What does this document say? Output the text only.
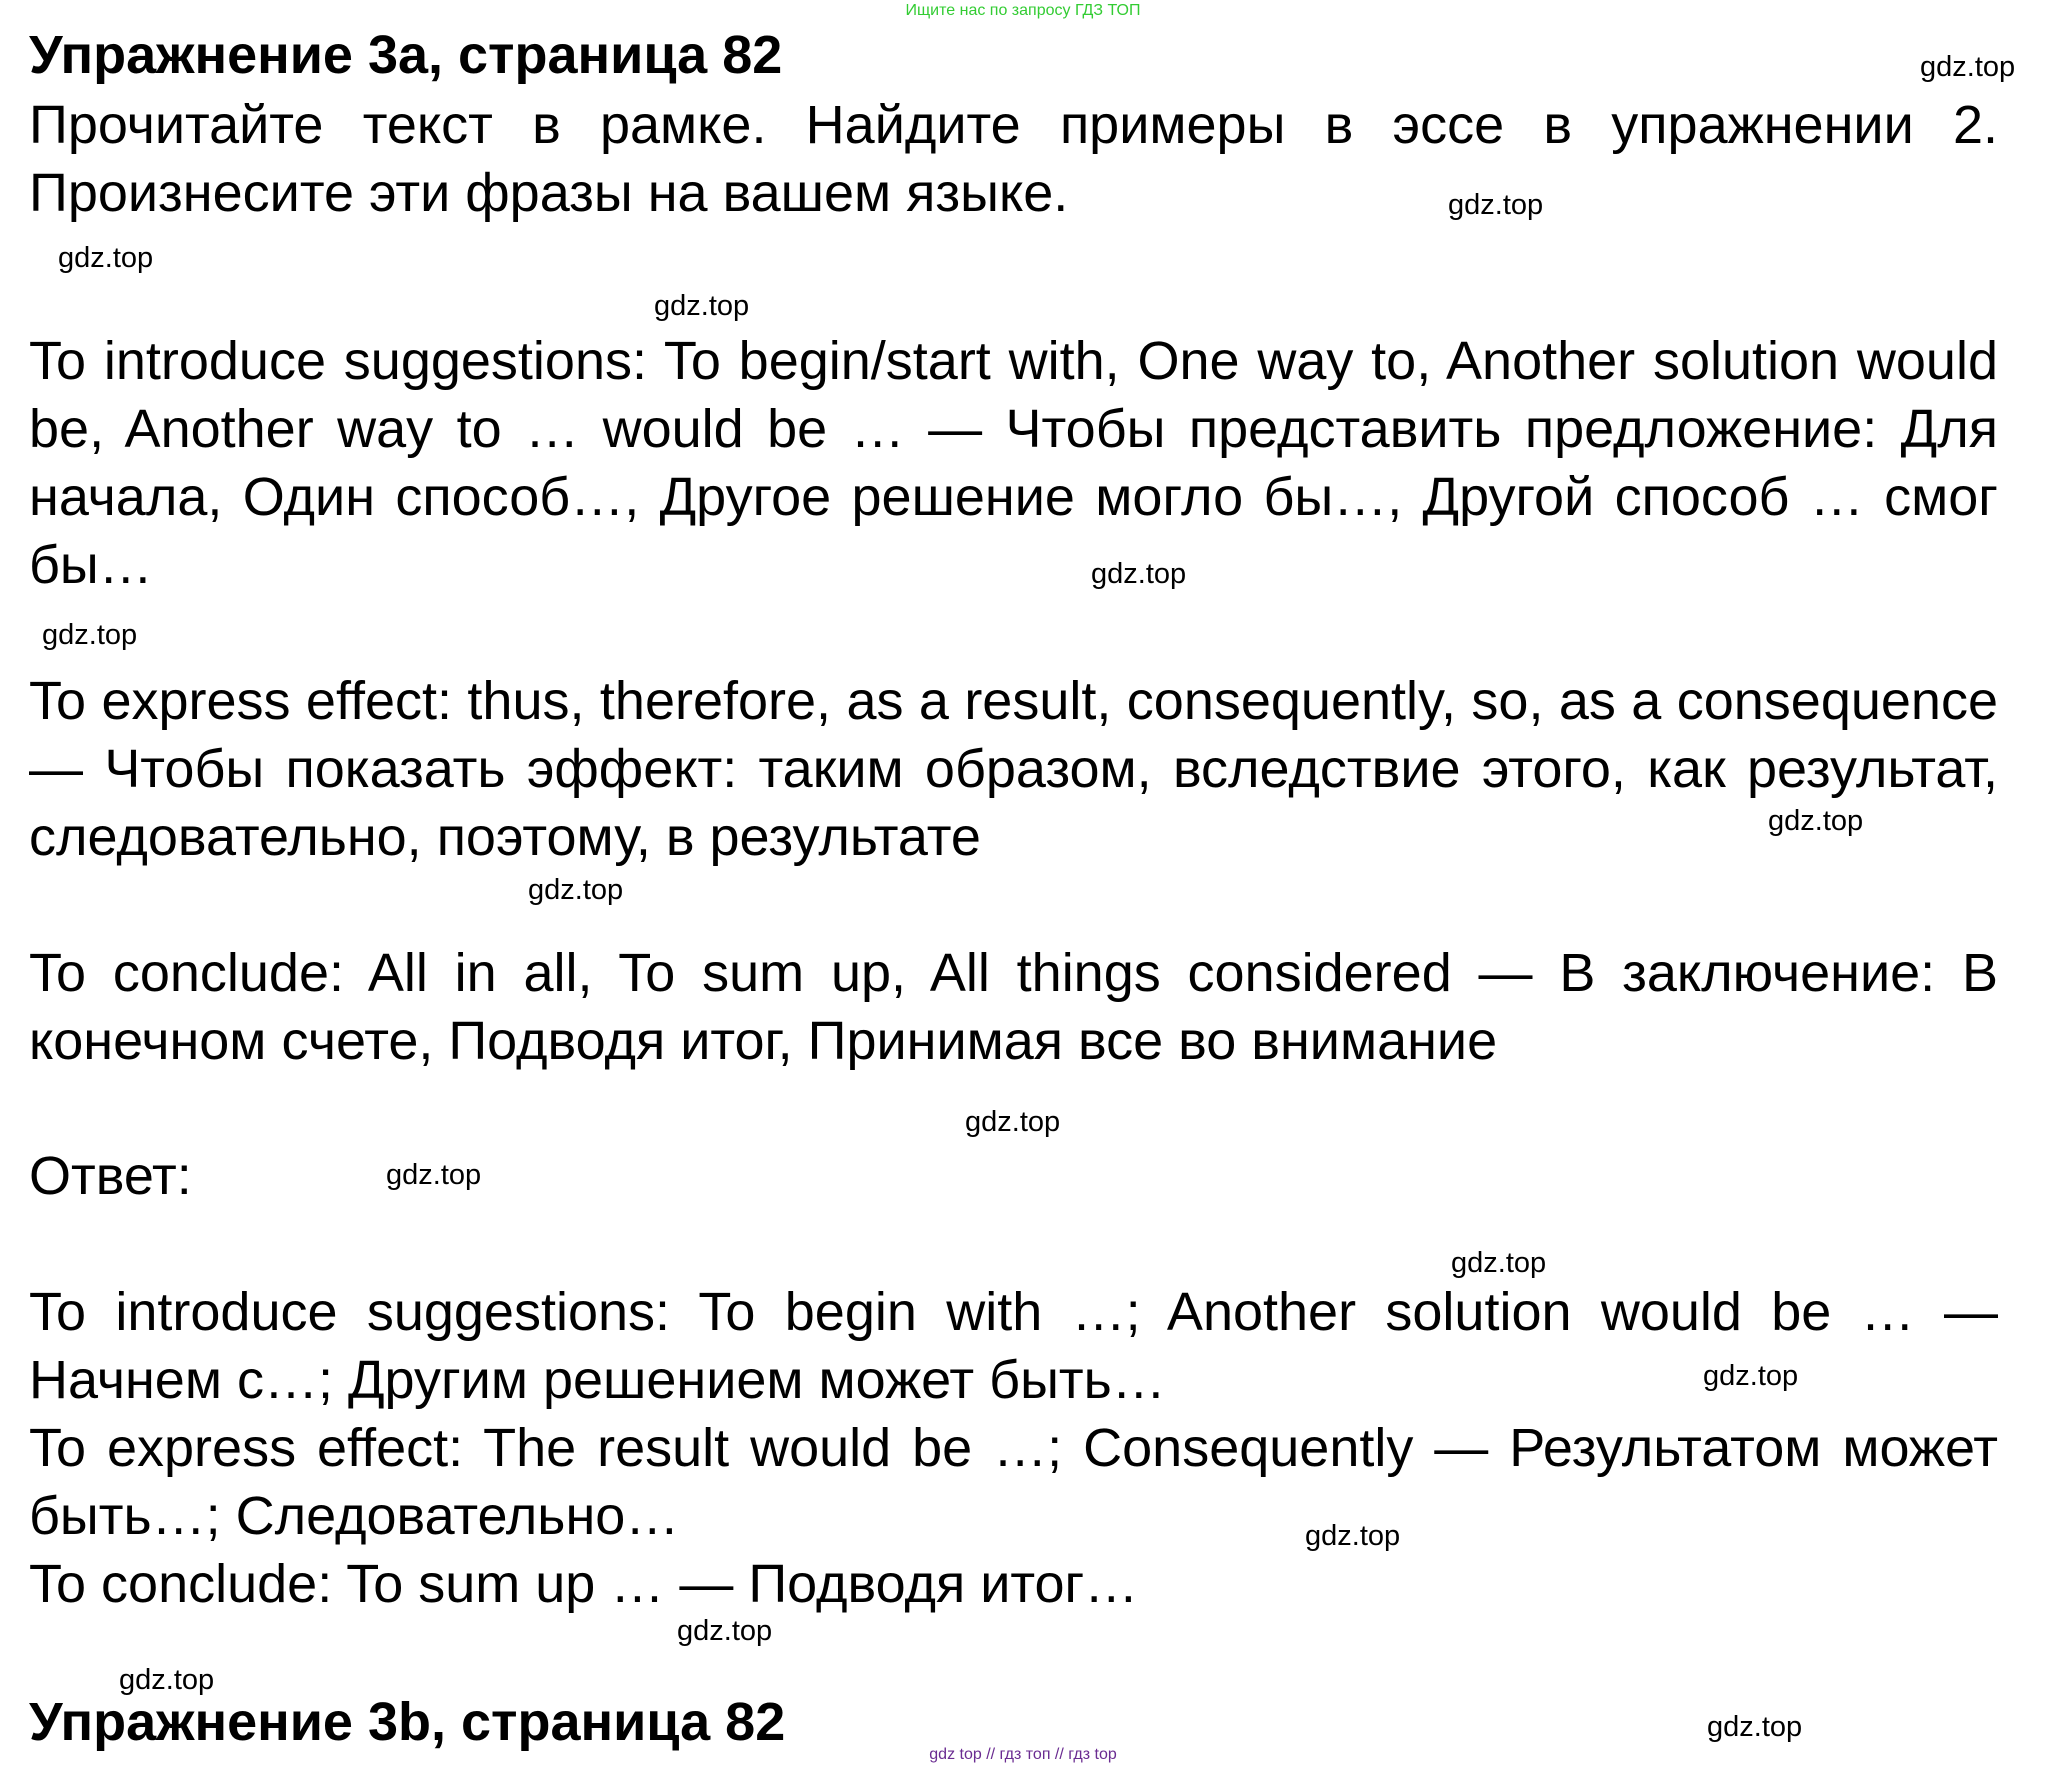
Ищите нас по запросу ГДЗ ТОП
Упражнение 3a, страница 82
Прочитайте текст в рамке. Найдите примеры в эссе в упражнении 2. Произнесите эти фразы на вашем языке.
To introduce suggestions: To begin/start with, One way to, Another solution would be, Another way to … would be … — Чтобы представить предложение: Для начала, Один способ…, Другое решение могло бы…, Другой способ … смог бы…
To express effect: thus, therefore, as a result, consequently, so, as a consequence — Чтобы показать эффект: таким образом, вследствие этого, как результат, следовательно, поэтому, в результате
To conclude: All in all, To sum up, All things considered — В заключение: В конечном счете, Подводя итог, Принимая все во внимание
Ответ:
To introduce suggestions: To begin with …; Another solution would be … — Начнем с…; Другим решением может быть…
To express effect: The result would be …; Consequently — Результатом может быть…; Следовательно…
To conclude: To sum up … — Подводя итог…
Упражнение 3b, страница 82
gdz.top
gdz.top
gdz.top
gdz.top
gdz.top
gdz.top
gdz.top
gdz.top
gdz.top
gdz.top
gdz.top
gdz.top
gdz.top
gdz.top
gdz.top
gdz.top
gdz top // гдз топ // гдз top
